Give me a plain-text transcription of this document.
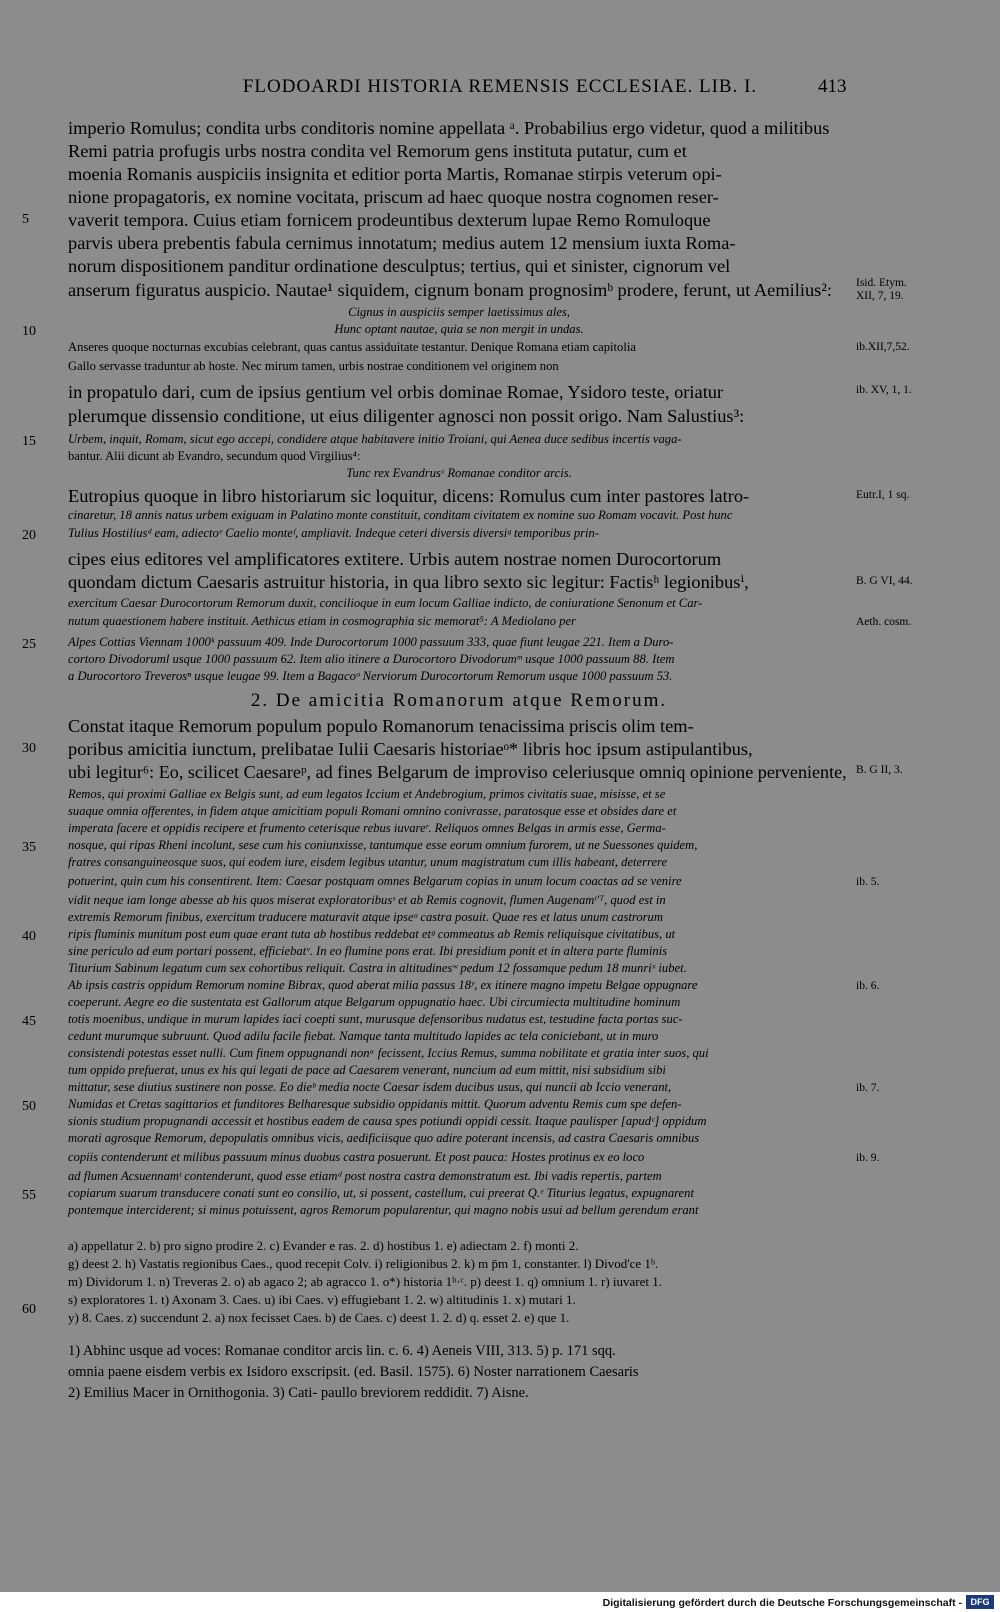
FLODOARDI HISTORIA REMENSIS ECCLESIAE. LIB. I.	413
imperio Romulus; condita urbs conditoris nomine appellata ᵃ. Probabilius ergo videtur, quod a militibus
Remi patria profugis urbs nostra condita vel Remorum gens instituta putatur, cum et
moenia Romanis auspiciis insignita et editior porta Martis, Romanae stirpis veterum opi-
nione propagatoris, ex nomine vocitata, priscum ad haec quoque nostra cognomen reser-
vaverit tempora. Cuius etiam fornicem prodeuntibus dexterum lupae Remo Romuloque
parvis ubera prebentis fabula cernimus innotatum; medius autem 12 mensium iuxta Roma-
norum dispositionem panditur ordinatione desculptus; tertius, qui et sinister, cignorum vel
anserum figuratus auspicio. Nautae¹ siquidem, cignum bonam prognosimᵇ prodere, ferunt, ut Aemilius²:
Cignus in auspiciis semper laetissimus ales,
Hunc optant nautae, quia se non mergit in undas.
Anseres quoque nocturnas excubias celebrant, quas cantus assiduitate testantur. Denique Romana etiam capitolia
Gallo servasse traduntur ab hoste. Nec mirum tamen, urbis nostrae conditionem vel originem non
in propatulo dari, cum de ipsius gentium vel orbis dominae Romae, Ysidoro teste, oriatur
plerumque dissensio conditione, ut eius diligenter agnosci non possit origo. Nam Salustius³:
Urbem, inquit, Romam, sicut ego accepi, condidere atque habitavere initio Troiani, qui Aenea duce sedibus incertis vaga-
bantur. Alii dicunt ab Evandro, secundum quod Virgilius⁴:
Tunc rex Evandrusᶜ Romanae conditor arcis.
Eutropius quoque in libro historiarum sic loquitur, dicens: Romulus cum inter pastores latro-
cinaretur, 18 annis natus urbem exiguam in Palatino monte constituit, conditam civitatem ex nomine suo Romam vocavit. Post hunc
Tulius Hostiliusᵈ eam, adiectoᵉ Caelio monteᶠ, ampliavit. Indeque ceteri diversis diversiᵍ temporibus prin-
cipes eius editores vel amplificatores extitere. Urbis autem nostrae nomen Durocortorum
quondam dictum Caesaris astruitur historia, in qua libro sexto sic legitur: Factisʰ legionibusⁱ,
exercitum Caesar Durocortorum Remorum duxit, conciliοque in eum locum Galliae indicto, de coniuratione Senonum et Car-
nutum quaestionem habere instituit. Aethicus etiam in cosmographia sic memorat⁵: A Mediolano per
Alpes Cottias Viennam 1000ᵏ passuum 409. Inde Durocortorum 1000 passuum 333, quae fiunt leugae 221. Item a Duro-
cortoro Divodoruml usque 1000 passuum 62. Item alio itinere a Durocortoro Divodorumᵐ usque 1000 passuum 88. Item
a Durocortoro Treverosⁿ usque leugae 99. Item a Bagacoᵒ Nerviorum Durocortorum Remorum usque 1000 passuum 53.
2. De amicitia Romanorum atque Remorum.
Constat itaque Remorum populum populo Romanorum tenacissima priscis olim tem-
poribus amicitia iunctum, prelibatae Iulii Caesaris historiaeᵒ* libris hoc ipsum astipulantibus,
ubi legitur⁶: Eo, scilicet Caesareᵖ, ad fines Belgarum de improviso celeriusque omniq opinione perveniente,
Remos, qui proximi Galliae ex Belgis sunt, ad eum legatos Iccium et Andebrogium, primos civitatis suae, misisse, et se
suaque omnia offerentes, in fidem atque amicitiam populi Romani omnino conivrasse, paratosque esse et obsides dare et
imperata facere et oppidis recipere et frumento ceterisque rebus iuvareʳ. Reliquos omnes Belgas in armis esse, Germa-
nosque, qui ripas Rheni incolunt, sese cum his coniunxisse, tantumque esse eorum omnium furorem, ut ne Suessones quidem,
fratres consanguineosque suos, qui eodem iure, eisdem legibus utantur, unum magistratum cum illis habeant, deterrere
potuerint, quin cum his consentirent. Item: Caesar postquam omnes Belgarum copias in unum locum coactas ad se venire
vidit neque iam longe abesse ab his quos miserat exploratoribusˢ et ab Remis cognovit, flumen Augenamᵗ'ᵀ, quod est in
extremis Remorum finibus, exercitum traducere maturavit atque ipseᵘ castra posuit. Quae res et latus unum castrorum
ripis fluminis munitum post eum quae erant tuta ab hostibus reddebat etᵍ commeatus ab Remis reliquisque civitatibus, ut
sine periculo ad eum portari possent, efficiebatᵛ. In eo flumine pons erat. Ibi presidium ponit et in altera parte fluminis
Titurium Sabinum legatum cum sex cohortibus reliquit. Castra in altitudinesʷ pedum 12 fossamque pedum 18 munriˣ iubet.
Ab ipsis castris oppidum Remorum nomine Bibrax, quod aberat milia passus 18ʸ, ex itinere magno impetu Belgae oppugnare
coeperunt. Aegre eo die sustentata est Gallorum atque Belgarum oppugnatio haec. Ubi circumiecta multitudine hominum
totis moenibus, undique in murum lapides iaci coepti sunt, murusque defensoribus nudatus est, testudine facta portas suc-
cedunt murumque subruunt. Quod adilu facile fiebat. Namque tanta multitudo lapides ac tela coniciebant, ut in muro
consistendi potestas esset nulli. Cum finem oppugnandi nonᵃ fecissent, Iccius Remus, summa nobilitate et gratia inter suos, qui
tum oppido prefuerat, unus ex his qui legati de pace ad Caesarem venerant, nuncium ad eum mittit, nisi subsidium sibi
mittatur, sese diutius sustinere non posse. Eo dieᵇ media nocte Caesar isdem ducibus usus, qui nuncii ab Iccio venerant,
Numidas et Cretas sagittarios et funditores Belharesque subsidio oppidanis mittit. Quorum adventu Remis cum spe defen-
sionis studium propugnandi accessit et hostibus eadem de causa spes potiundi oppidi cessit. Itaque paulisper [apudᶜ] oppidum
morati agrosque Remorum, depopulatis omnibus vicis, aedificiisque quo adire poterant incensis, ad castra Caesaris omnibus
copiis contenderunt et milibus passuum minus duobus castra posuerunt. Et post pauca: Hostes protinus ex eo loco
ad flumen Acsuennamᵗ contenderunt, quod esse etiamᵈ post nostra castra demonstratum est. Ibi vadis repertis, partem
copiarum suarum transducere conati sunt eo consilio, ut, si possent, castellum, cui preerat Q.ᵉ Titurius legatus, expugnarent
pontemque interciderent; si minus potuissent, agros Remorum popularentur, qui magno nobis usui ad bellum gerendum erant
5
10
15
20
25
30
35
40
45
50
55
60
Isid. Etym.
XII, 7, 19.
ib.XII,7,52.
ib. XV, 1, 1.
Eutr.I, 1 sq.
B. G VI, 44.
Aeth. cosm.
B. G II, 3.
ib. 5.
ib. 6.
ib. 7.
ib. 9.
a) appellatur 2. b) pro signo prodire 2. c) Evander e ras. 2. d) hostibus 1. e) adiectam 2. f) monti 2.
g) deest 2. h) Vastatis regionibus Caes., quod recepit Colv. i) religionibus 2. k) m p̄m 1, constanter. l) Divod'ce 1ᵇ.
m) Dividorum 1. n) Treveras 2. o) ab agaco 2; ab agracco 1. o*) historia 1ᵇ·ᶜ. p) deest 1. q) omnium 1. r) iuvaret 1.
s) exploratores 1. t) Axonam 3. Caes. u) ibi Caes. v) effugiebant 1. 2. w) altitudinis 1. x) mutari 1.
y) 8. Caes. z) succendunt 2. a) nox fecisset Caes. b) de Caes. c) deest 1. 2. d) q. esset 2. e) que 1.
1) Abhinc usque ad voces: Romanae conditor arcis lin. c. 6. 4) Aeneis VIII, 313. 5) p. 171 sqq.
omnia paene eisdem verbis ex Isidoro exscripsit. (ed. Basil. 1575). 6) Noster narrationem Caesaris
2) Emilius Macer in Ornithogonia. 3) Cati- paullo breviorem reddidit. 7) Aisne.
Digitalisierung gefördert durch die Deutsche Forschungsgemeinschaft - DFG
